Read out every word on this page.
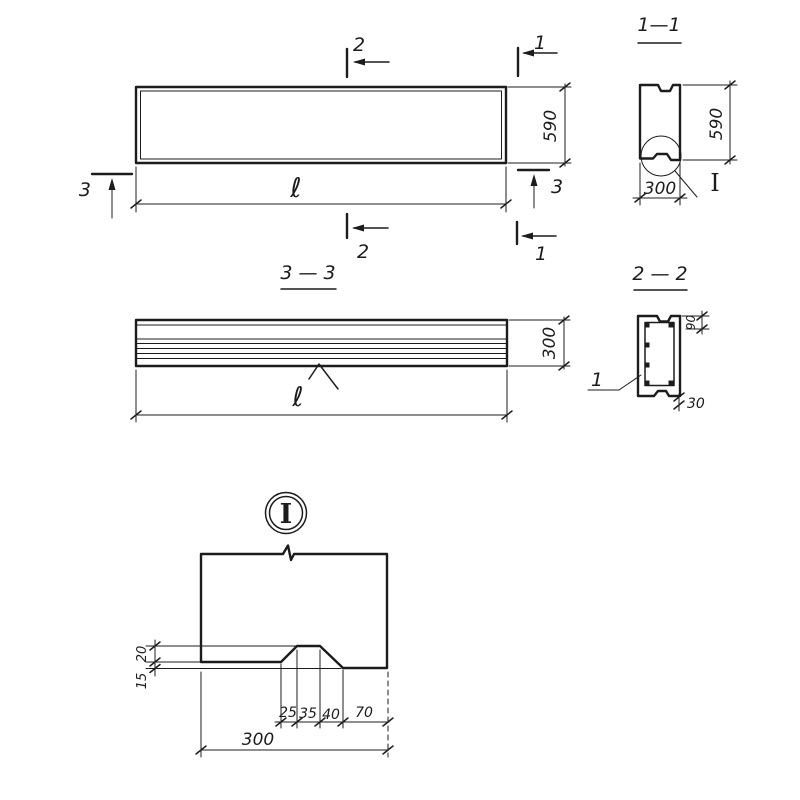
2	1
2	1
3	3
590
ℓ
1—1
I
590
300
3 — 3
ℓ
300
2 — 2
90
30
1
I
20
15
25 35 40 70
300
